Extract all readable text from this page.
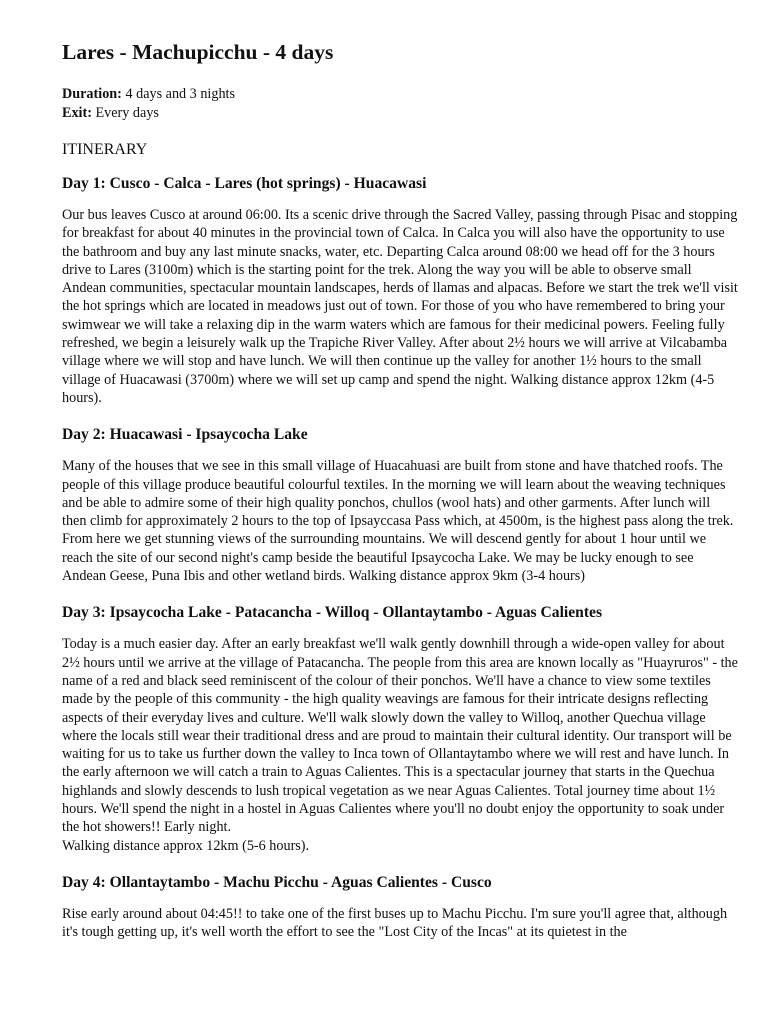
Lares - Machupicchu - 4 days

Duration: 4 days and 3 nights

Exit: Every days

ITINERARY
Day 1: Cusco - Calca - Lares (hot springs) - Huacawasi

Our bus leaves Cusco at around 06:00. Its a scenic drive through the Sacred Valley, passing through Pisac and stopping for breakfast for about 40 minutes in the provincial town of Calca. In Calca you will also have the opportunity to use the bathroom and buy any last minute snacks, water, etc. Departing Calca around 08:00 we head off for the 3 hours drive to Lares (3100m) which is the starting point for the trek. Along the way you will be able to observe small Andean communities, spectacular mountain landscapes, herds of llamas and alpacas. Before we start the trek we'll visit the hot springs which are located in meadows just out of town. For those of you who have remembered to bring your swimwear we will take a relaxing dip in the warm waters which are famous for their medicinal powers. Feeling fully refreshed, we begin a leisurely walk up the Trapiche River Valley. After about 2½ hours we will arrive at Vilcabamba village where we will stop and have lunch. We will then continue up the valley for another 1½ hours to the small village of Huacawasi (3700m) where we will set up camp and spend the night. Walking distance approx 12km (4-5 hours).

Day 2: Huacawasi - Ipsaycocha Lake

Many of the houses that we see in this small village of Huacahuasi are built from stone and have thatched roofs. The people of this village produce beautiful colourful textiles. In the morning we will learn about the weaving techniques and be able to admire some of their high quality ponchos, chullos (wool hats) and other garments. After lunch will then climb for approximately 2 hours to the top of Ipsayccasa Pass which, at 4500m, is the highest pass along the trek. From here we get stunning views of the surrounding mountains. We will descend gently for about 1 hour until we reach the site of our second night's camp beside the beautiful Ipsaycocha Lake. We may be lucky enough to see Andean Geese, Puna Ibis and other wetland birds. Walking distance approx 9km (3-4 hours)

Day 3: Ipsaycocha Lake - Patacancha - Willoq - Ollantaytambo - Aguas Calientes

Today is a much easier day. After an early breakfast we'll walk gently downhill through a wide-open valley for about 2½ hours until we arrive at the village of Patacancha. The people from this area are known locally as "Huayruros" - the name of a red and black seed reminiscent of the colour of their ponchos. We'll have a chance to view some textiles made by the people of this community - the high quality weavings are famous for their intricate designs reflecting aspects of their everyday lives and culture. We'll walk slowly down the valley to Willoq, another Quechua village where the locals still wear their traditional dress and are proud to maintain their cultural identity. Our transport will be waiting for us to take us further down the valley to Inca town of Ollantaytambo where we will rest and have lunch. In the early afternoon we will catch a train to Aguas Calientes. This is a spectacular journey that starts in the Quechua highlands and slowly descends to lush tropical vegetation as we near Aguas Calientes. Total journey time about 1½ hours. We'll spend the night in a hostel in Aguas Calientes where you'll no doubt enjoy the opportunity to soak under the hot showers!! Early night.

Walking distance approx 12km (5-6 hours).

Day 4: Ollantaytambo - Machu Picchu - Aguas Calientes - Cusco

Rise early around about 04:45!! to take one of the first buses up to Machu Picchu. I'm sure you'll agree that, although it's tough getting up, it's well worth the effort to see the "Lost City of the Incas" at its quietest in the
